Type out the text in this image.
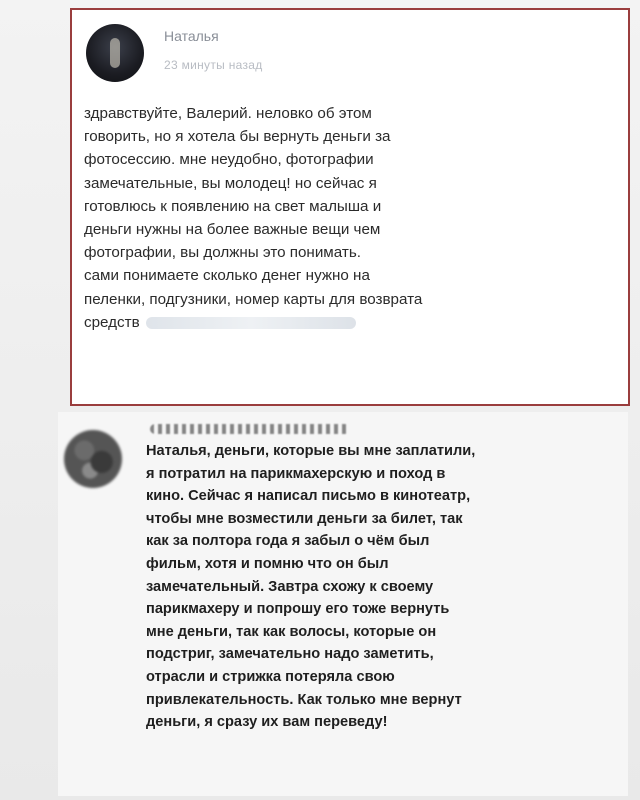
Наталья
23 минуты назад
здравствуйте, Валерий. неловко об этом
говорить, но я хотела бы вернуть деньги за
фотосессию. мне неудобно, фотографии
замечательные, вы молодец! но сейчас я
готовлюсь к появлению на свет малыша и
деньги нужны на более важные вещи чем
фотографии, вы должны это понимать.
сами понимаете сколько денег нужно на
пеленки, подгузники, номер карты для возврата
средств
Наталья, деньги, которые вы мне заплатили,
я потратил на парикмахерскую и поход в
кино. Сейчас я написал письмо в кинотеатр,
чтобы мне возместили деньги за билет, так
как за полтора года я забыл о чём был
фильм, хотя и помню что он был
замечательный. Завтра схожу к своему
парикмахеру и попрошу его тоже вернуть
мне деньги, так как волосы, которые он
подстриг, замечательно надо заметить,
отрасли и стрижка потеряла свою
привлекательность. Как только мне вернут
деньги, я сразу их вам переведу!
